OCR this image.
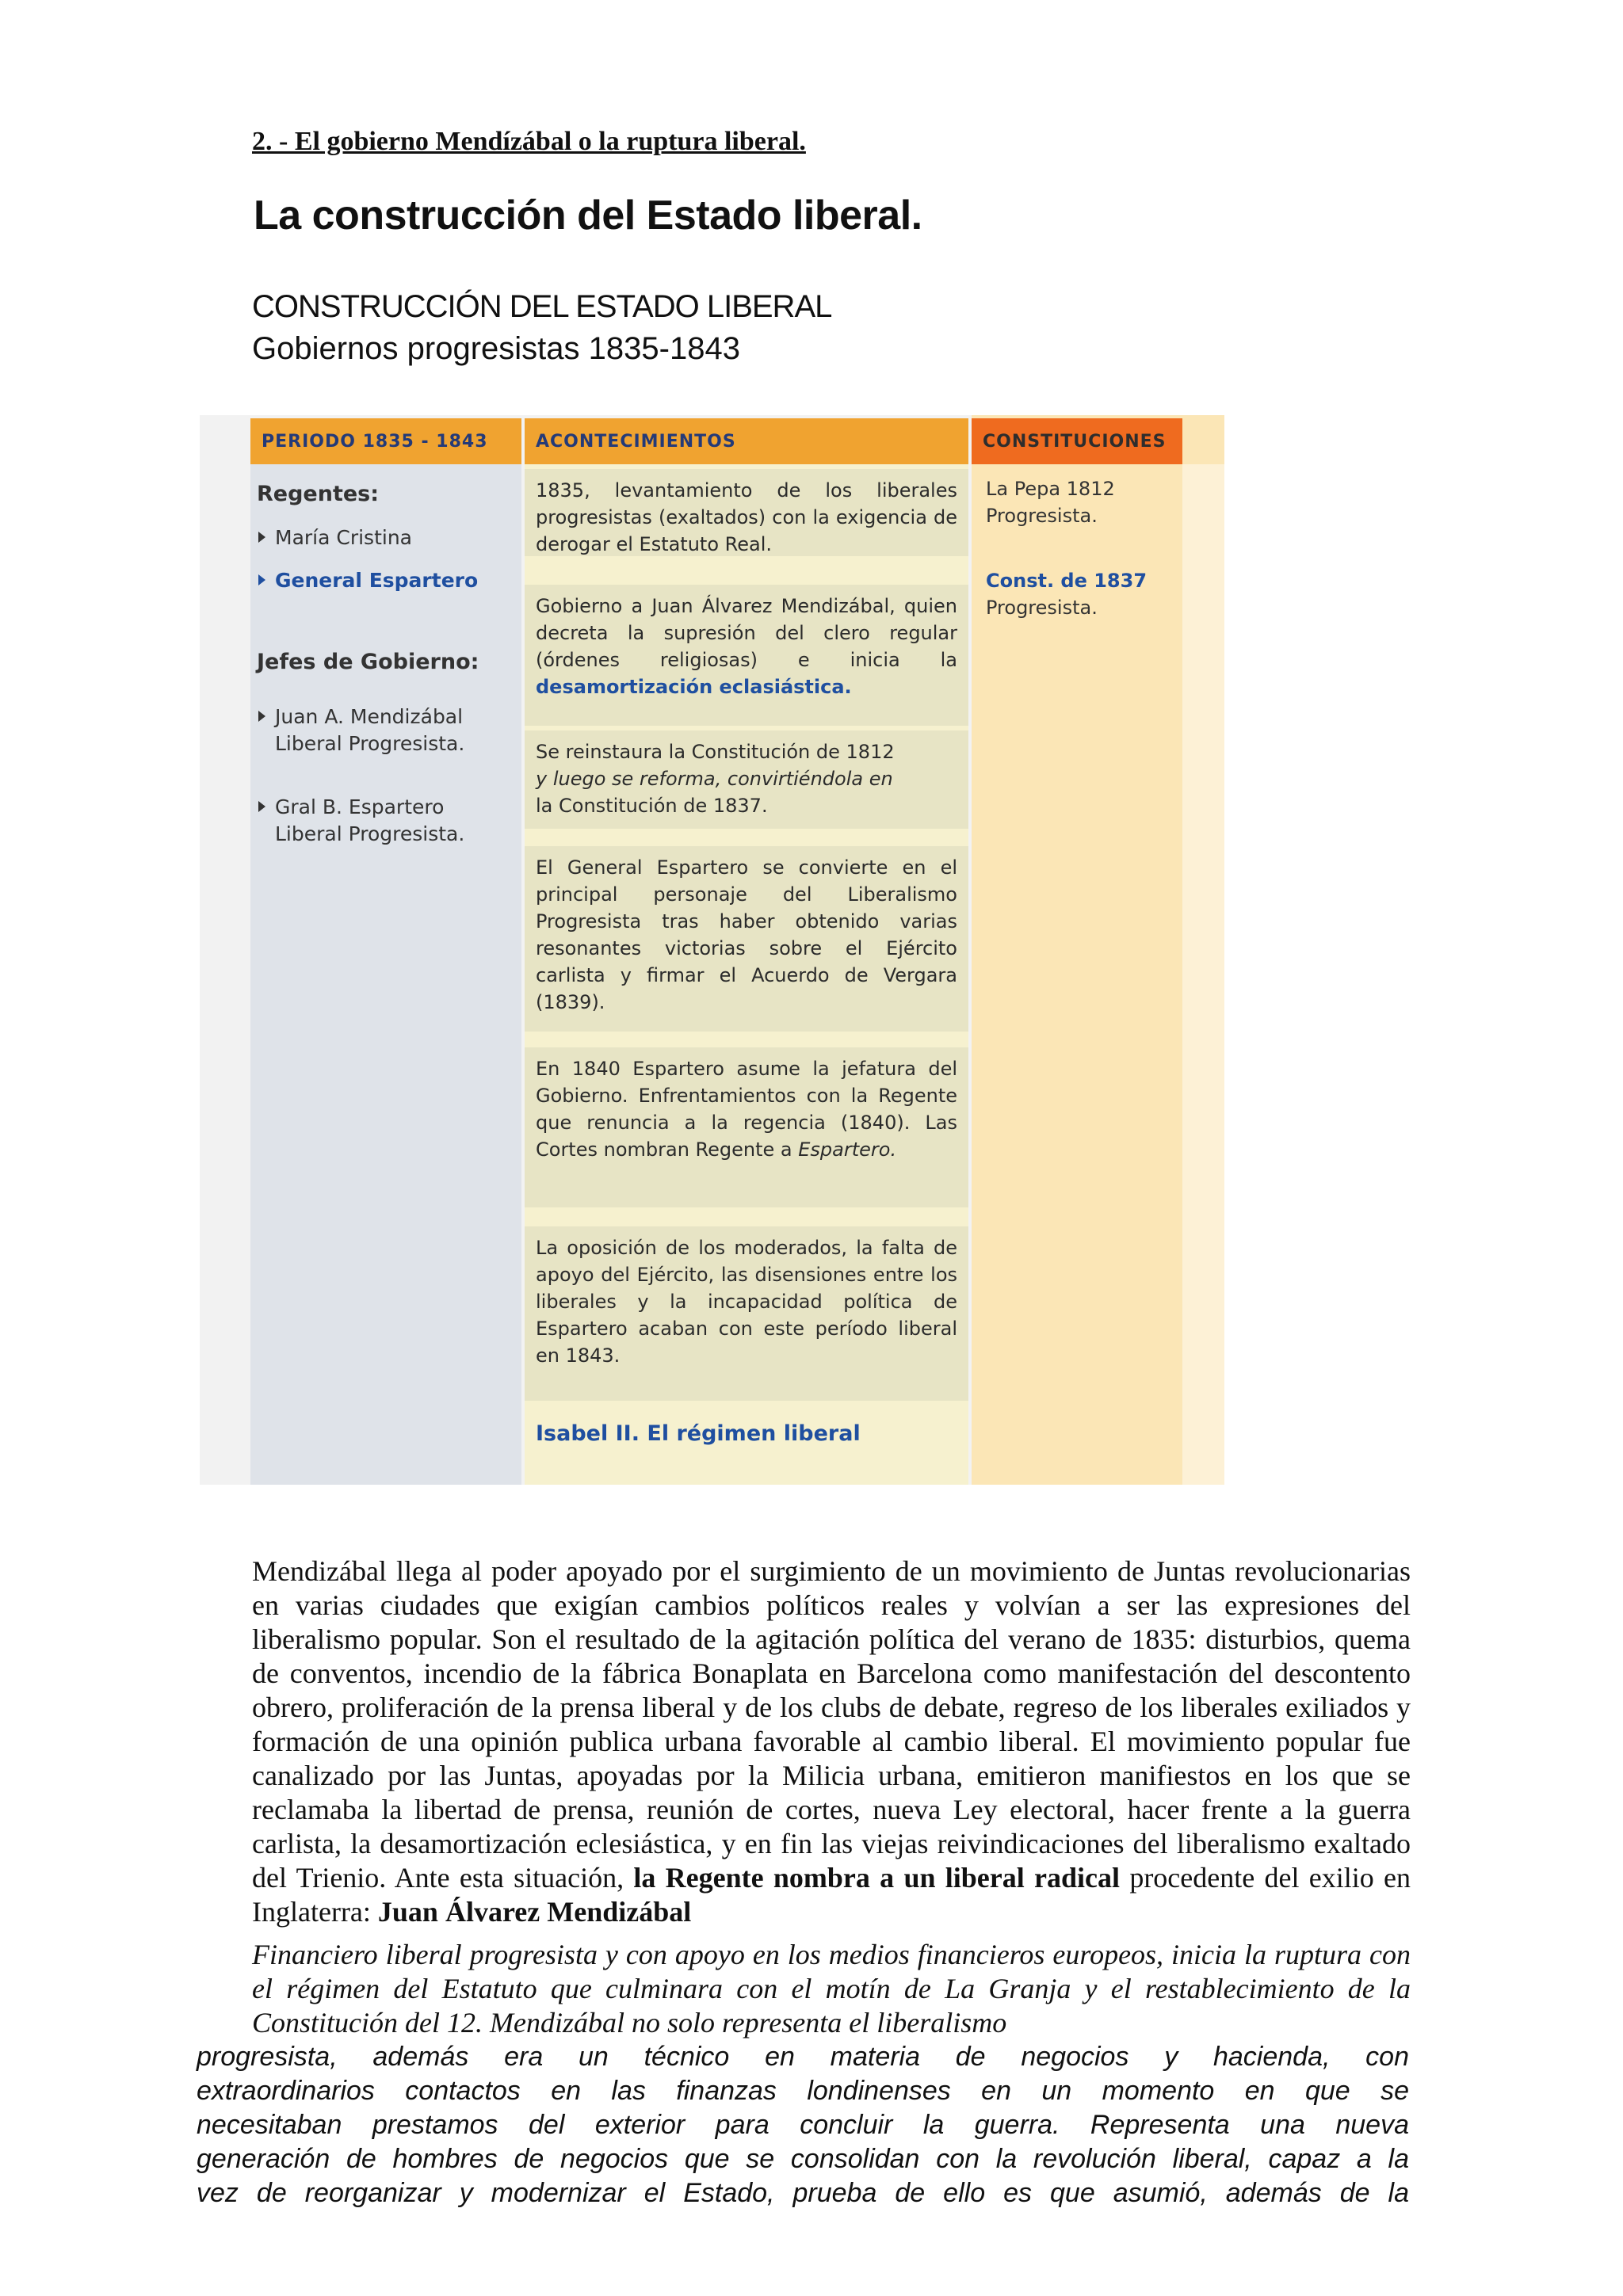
2. - El gobierno Mendízábal o la ruptura liberal.
La construcción del Estado liberal.
CONSTRUCCIÓN DEL ESTADO LIBERAL
Gobiernos progresistas 1835-1843
PERIODO 1835 - 1843	ACONTECIMIENTOS	CONSTITUCIONES
Regentes:
María Cristina
General Espartero
Jefes de Gobierno:
Juan A. Mendizábal
Liberal Progresista.
Gral B. Espartero
Liberal Progresista.
1835, levantamiento de los liberales progresistas (exaltados) con la exigencia de derogar el Estatuto Real.
Gobierno a Juan Álvarez Mendizábal, quien decreta la supresión del clero regular (órdenes religiosas) e inicia la desamortización eclasiástica.
Se reinstaura la Constitución de 1812
y luego se reforma, convirtiéndola en
la Constitución de 1837.
El General Espartero se convierte en el principal personaje del Liberalismo Progresista tras haber obtenido varias resonantes victorias sobre el Ejército carlista y firmar el Acuerdo de Vergara (1839).
En 1840 Espartero asume la jefatura del Gobierno. Enfrentamientos con la Regente que renuncia a la regencia (1840). Las Cortes nombran Regente a Espartero.
La oposición de los moderados, la falta de apoyo del Ejército, las disensiones entre los liberales y la incapacidad política de Espartero acaban con este período liberal en 1843.
Isabel II. El régimen liberal
La Pepa 1812
Progresista.
Const. de 1837
Progresista.
Mendizábal llega al poder apoyado por el surgimiento de un movimiento de Juntas revolucionarias en varias ciudades que exigían cambios políticos reales y volvían a ser las expresiones del liberalismo popular. Son el resultado de la agitación política del verano de 1835: disturbios, quema de conventos, incendio de la fábrica Bonaplata en Barcelona como manifestación del descontento obrero, proliferación de la prensa liberal y de los clubs de debate, regreso de los liberales exiliados y formación de una opinión publica urbana favorable al cambio liberal. El movimiento popular fue canalizado por las Juntas, apoyadas por la Milicia urbana, emitieron manifiestos en los que se reclamaba la libertad de prensa, reunión de cortes, nueva Ley electoral, hacer frente a la guerra carlista, la desamortización eclesiástica, y en fin las viejas reivindicaciones del liberalismo exaltado del Trienio. Ante esta situación, la Regente nombra a un liberal radical procedente del exilio en Inglaterra: Juan Álvarez Mendizábal
Financiero liberal progresista y con apoyo en los medios financieros europeos, inicia la ruptura con el régimen del Estatuto que culminara con el motín de La Granja y el restablecimiento de la Constitución del 12. Mendizábal no solo representa el liberalismo
progresista, además era un técnico en materia de negocios y hacienda, con
extraordinarios contactos en las finanzas londinenses en un momento en que se
necesitaban prestamos del exterior para concluir la guerra. Representa una nueva
generación de hombres de negocios que se consolidan con la revolución liberal, capaz a la
vez de reorganizar y modernizar el Estado, prueba de ello es que asumió, además de la
